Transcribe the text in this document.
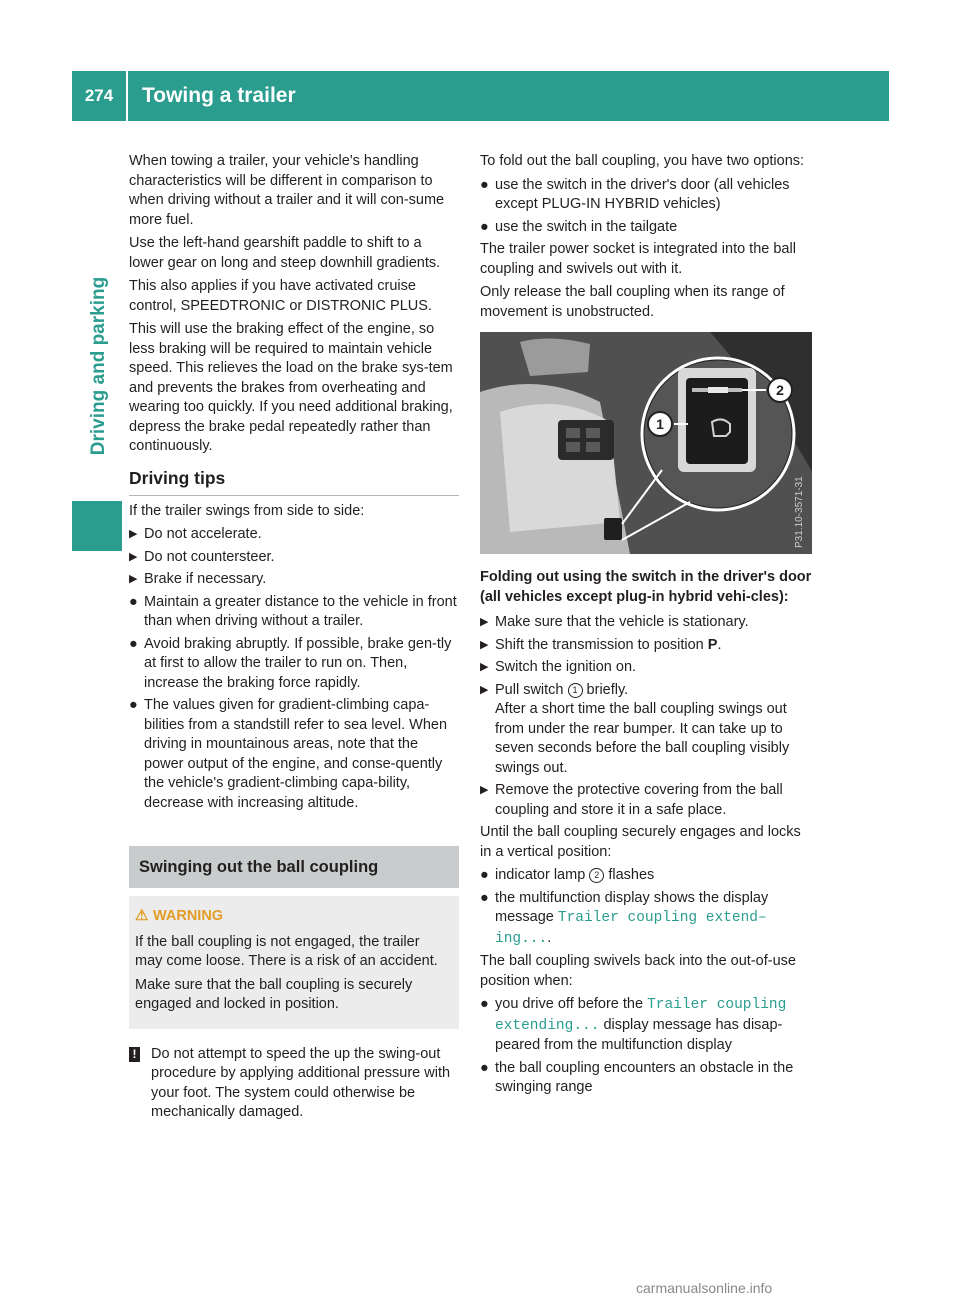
274	Towing a trailer
Driving and parking

When towing a trailer, your vehicle's handling characteristics will be different in comparison to when driving without a trailer and it will con-sume more fuel.

Use the left-hand gearshift paddle to shift to a lower gear on long and steep downhill gradients.

This also applies if you have activated cruise control, SPEEDTRONIC or DISTRONIC PLUS.

This will use the braking effect of the engine, so less braking will be required to maintain vehicle speed. This relieves the load on the brake sys-tem and prevents the brakes from overheating and wearing too quickly. If you need additional braking, depress the brake pedal repeatedly rather than continuously.

Driving tips

If the trailer swings from side to side:

▶ Do not accelerate.
▶ Do not countersteer.
▶ Brake if necessary.
● Maintain a greater distance to the vehicle in front than when driving without a trailer.
● Avoid braking abruptly. If possible, brake gen-tly at first to allow the trailer to run on. Then, increase the braking force rapidly.
● The values given for gradient-climbing capa-bilities from a standstill refer to sea level. When driving in mountainous areas, note that the power output of the engine, and conse-quently the vehicle's gradient-climbing capa-bility, decrease with increasing altitude.
Swinging out the ball coupling
⚠ WARNING

If the ball coupling is not engaged, the trailer may come loose. There is a risk of an accident.

Make sure that the ball coupling is securely engaged and locked in position.

! Do not attempt to speed the up the swing-out procedure by applying additional pressure with your foot. The system could otherwise be mechanically damaged.

To fold out the ball coupling, you have two options:

● use the switch in the driver's door (all vehicles except PLUG-IN HYBRID vehicles)
● use the switch in the tailgate

The trailer power socket is integrated into the ball coupling and swivels out with it.

Only release the ball coupling when its range of movement is unobstructed.

1
2
P31.10-3571-31

Folding out using the switch in the driver's door (all vehicles except plug-in hybrid vehi-cles):

▶ Make sure that the vehicle is stationary.
▶ Shift the transmission to position P.
▶ Switch the ignition on.
▶ Pull switch 1 briefly.
After a short time the ball coupling swings out from under the rear bumper. It can take up to seven seconds before the ball coupling visibly swings out.
▶ Remove the protective covering from the ball coupling and store it in a safe place.

Until the ball coupling securely engages and locks in a vertical position:

● indicator lamp 2 flashes
● the multifunction display shows the display message Trailer coupling extend– ing....

The ball coupling swivels back into the out-of-use position when:

● you drive off before the Trailer coupling extending... display message has disap-peared from the multifunction display
● the ball coupling encounters an obstacle in the swinging range
carmanualsonline.info
